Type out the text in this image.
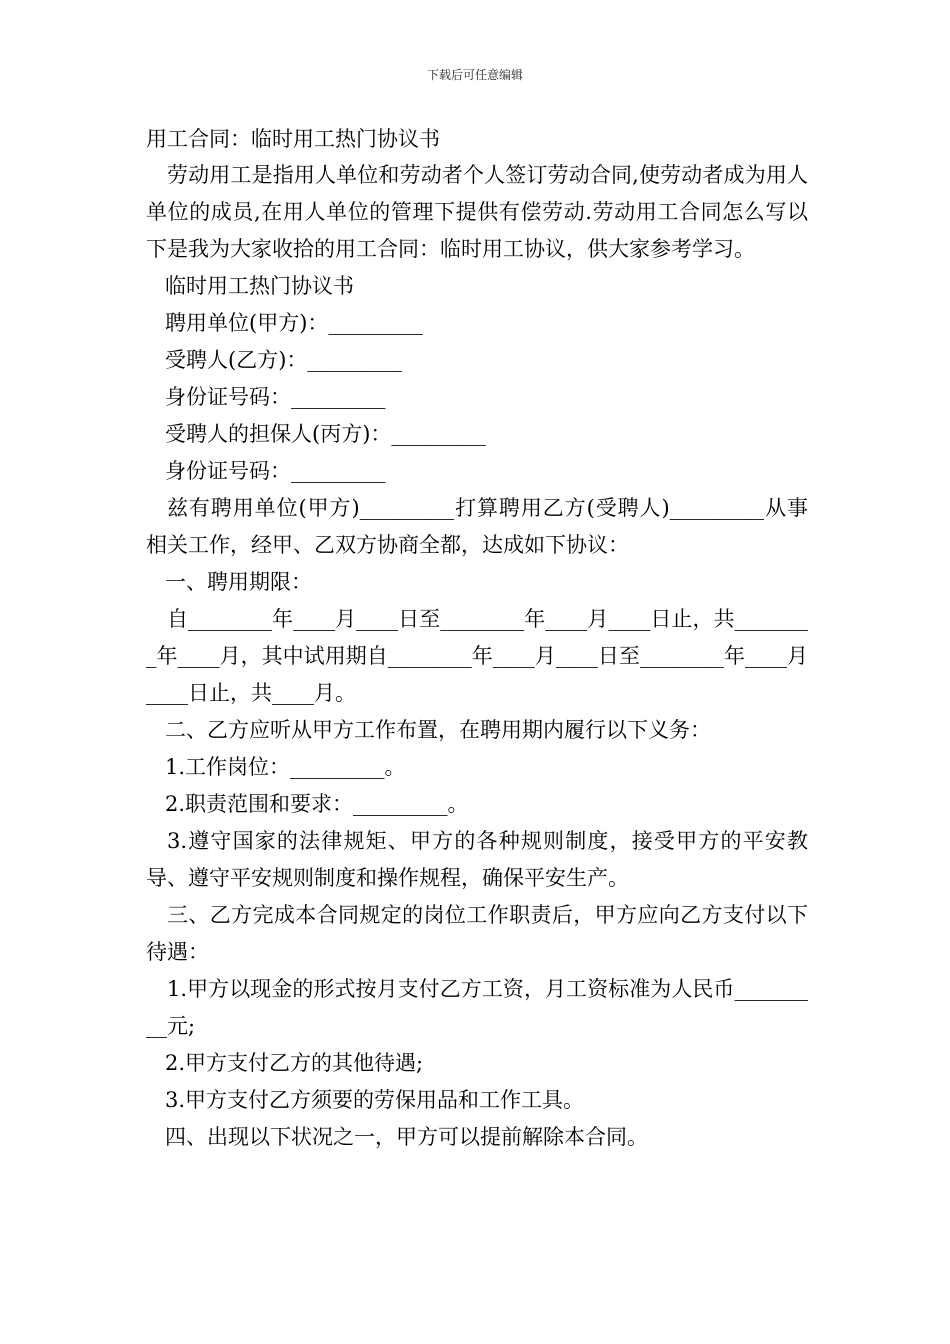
下载后可任意编辑
用工合同：临时用工热门协议书

劳动用工是指用人单位和劳动者个人签订劳动合同,使劳动者成为用人单位的成员,在用人单位的管理下提供有偿劳动.劳动用工合同怎么写以下是我为大家收拾的用工合同：临时用工协议，供大家参考学习。

临时用工热门协议书

聘用单位(甲方)：_________

受聘人(乙方)：_________

身份证号码：_________

受聘人的担保人(丙方)：_________

身份证号码：_________

兹有聘用单位(甲方)_________打算聘用乙方(受聘人)_________从事相关工作，经甲、乙双方协商全都，达成如下协议：

一、聘用期限：

自________年____月____日至________年____月____日止，共________年____月，其中试用期自________年____月____日至________年____月____日止，共____月。

二、乙方应听从甲方工作布置，在聘用期内履行以下义务：

1.工作岗位：_________。

2.职责范围和要求：_________。

3.遵守国家的法律规矩、甲方的各种规则制度，接受甲方的平安教导、遵守平安规则制度和操作规程，确保平安生产。

三、乙方完成本合同规定的岗位工作职责后，甲方应向乙方支付以下待遇：

1.甲方以现金的形式按月支付乙方工资，月工资标准为人民币_________元;

2.甲方支付乙方的其他待遇;

3.甲方支付乙方须要的劳保用品和工作工具。

四、出现以下状况之一，甲方可以提前解除本合同。
